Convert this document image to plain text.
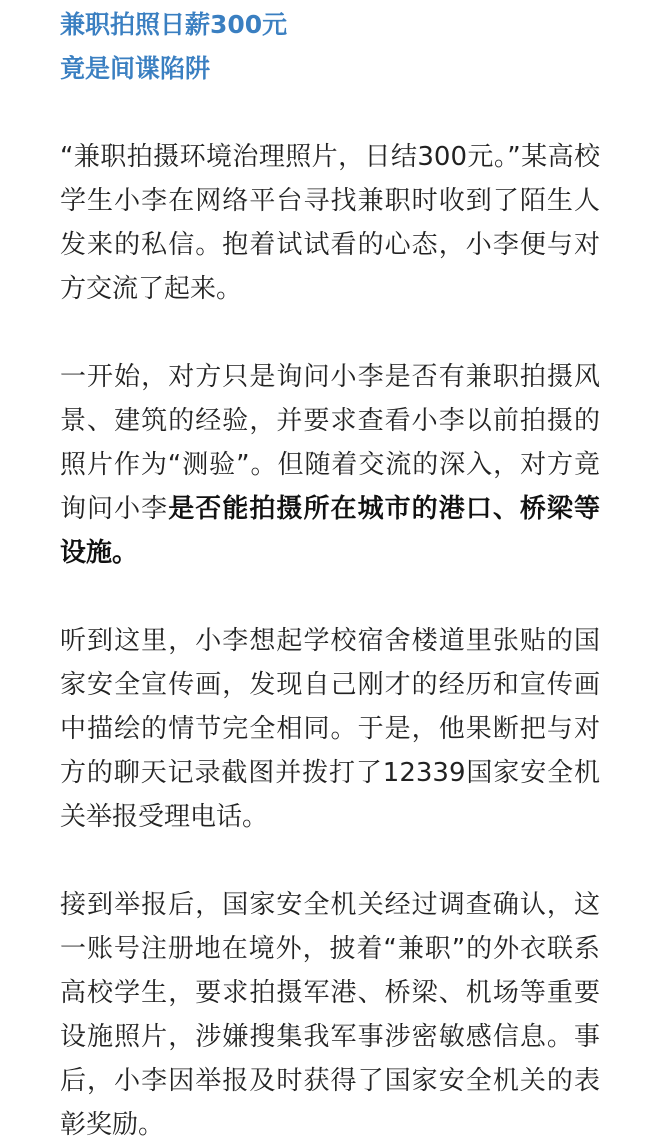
兼职拍照日薪300元
竟是间谍陷阱

“兼职拍摄环境治理照片，日结300元。”某高校学生小李在网络平台寻找兼职时收到了陌生人发来的私信。抱着试试看的心态，小李便与对方交流了起来。

一开始，对方只是询问小李是否有兼职拍摄风景、建筑的经验，并要求查看小李以前拍摄的照片作为“测验”。但随着交流的深入，对方竟询问小李是否能拍摄所在城市的港口、桥梁等设施。

听到这里，小李想起学校宿舍楼道里张贴的国家安全宣传画，发现自己刚才的经历和宣传画中描绘的情节完全相同。于是，他果断把与对方的聊天记录截图并拨打了12339国家安全机关举报受理电话。

接到举报后，国家安全机关经过调查确认，这一账号注册地在境外，披着“兼职”的外衣联系高校学生，要求拍摄军港、桥梁、机场等重要设施照片，涉嫌搜集我军事涉密敏感信息。事后，小李因举报及时获得了国家安全机关的表彰奖励。
